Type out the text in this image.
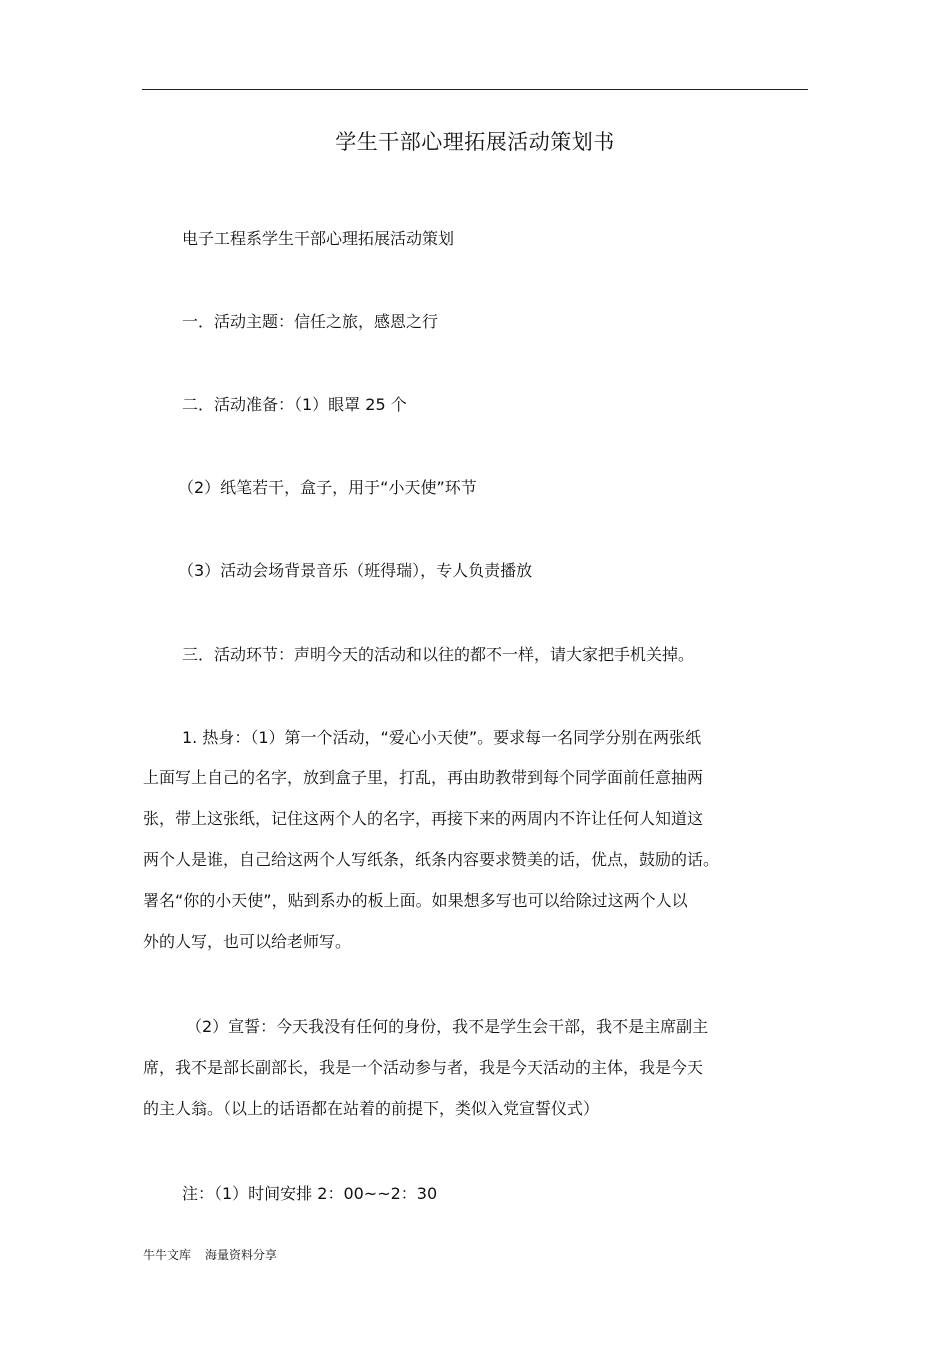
学生干部心理拓展活动策划书
电子工程系学生干部心理拓展活动策划
一．活动主题：信任之旅，感恩之行
二．活动准备：（1）眼罩 25 个
（2）纸笔若干，盒子，用于“小天使”环节
（3）活动会场背景音乐（班得瑞），专人负责播放
三．活动环节：声明今天的活动和以往的都不一样，请大家把手机关掉。
1. 热身：（1）第一个活动，“爱心小天使”。要求每一名同学分别在两张纸
上面写上自己的名字，放到盒子里，打乱，再由助教带到每个同学面前任意抽两
张，带上这张纸，记住这两个人的名字，再接下来的两周内不许让任何人知道这
两个人是谁，自己给这两个人写纸条，纸条内容要求赞美的话，优点，鼓励的话。
署名“你的小天使”，贴到系办的板上面。如果想多写也可以给除过这两个人以
外的人写，也可以给老师写。
（2）宣誓：今天我没有任何的身份，我不是学生会干部，我不是主席副主
席，我不是部长副部长，我是一个活动参与者，我是今天活动的主体，我是今天
的主人翁。（以上的话语都在站着的前提下，类似入党宣誓仪式）
注：（1）时间安排 2：00~~2：30
牛牛文库 海量资料分享
